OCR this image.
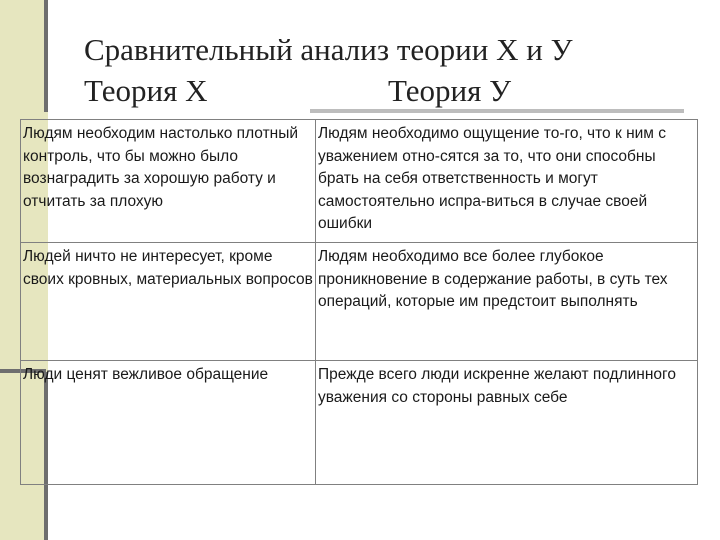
Сравнительный анализ теории X и У
Теория X	Теория У
Людям необходим настолько плотный контроль, что бы можно было вознаградить за хорошую работу и отчитать за плохую	Людям необходимо ощущение то-го, что к ним с уважением отно-сятся за то, что они способны брать на себя ответственность и могут самостоятельно испра-виться в случае своей ошибки
Людей ничто не интересует, кроме своих кровных, материальных вопросов	Людям необходимо все более глубокое проникновение в содержание работы, в суть тех операций, которые им предстоит выполнять
Люди ценят вежливое обращение	Прежде всего люди искренне желают подлинного уважения со стороны равных себе
